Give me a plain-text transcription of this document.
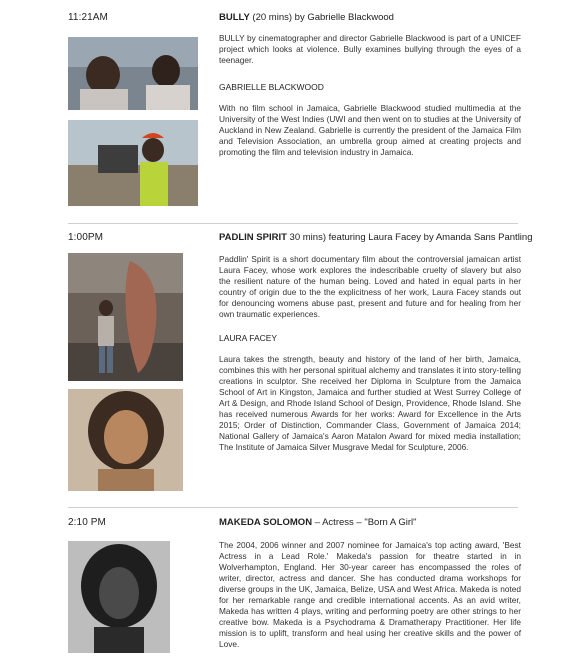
11:21AM	BULLY (20 mins) by Gabrielle Blackwood

BULLY by cinematographer and director Gabrielle Blackwood is part of a UNICEF project which looks at violence. Bully examines bullying through the eyes of a teenager.

GABRIELLE BLACKWOOD

With no film school in Jamaica, Gabrielle Blackwood studied multimedia at the University of the West Indies (UWI and then went on to studies at the University of Auckland in New Zealand. Gabrielle is currently the president of the Jamaica Film and Television Association, an umbrella group aimed at creating projects and promoting the film and television industry in Jamaica.

1:00PM	PADLIN SPIRIT 30 mins) featuring Laura Facey by Amanda Sans Pantling

Paddlin' Spirit is a short documentary film about the controversial jamaican artist Laura Facey, whose work explores the indescribable cruelty of slavery but also the resilient nature of the human being. Loved and hated in equal parts in her country of origin due to the the explicitness of her work, Laura Facey stands out for denouncing womens abuse past, present and future and for healing from her own traumatic experiences.

LAURA FACEY

Laura takes the strength, beauty and history of the land of her birth, Jamaica, combines this with her personal spiritual alchemy and translates it into story-telling creations in sculptor. She received her Diploma in Sculpture from the Jamaica School of Art in Kingston, Jamaica and further studied at West Surrey College of Art & Design, and Rhode Island School of Design, Providence, Rhode Island. She has received numerous Awards for her works: Award for Excellence in the Arts 2015; Order of Distinction, Commander Class, Government of Jamaica 2014; National Gallery of Jamaica's Aaron Matalon Award for mixed media installation; The Institute of Jamaica Silver Musgrave Medal for Sculpture, 2006.

2:10 PM	MAKEDA SOLOMON – Actress – "Born A Girl"

The 2004, 2006 winner and 2007 nominee for Jamaica's top acting award, 'Best Actress in a Lead Role.' Makeda's passion for theatre started in in Wolverhampton, England. Her 30-year career has encompassed the roles of writer, director, actress and dancer. She has conducted drama workshops for diverse groups in the UK, Jamaica, Belize, USA and West Africa. Makeda is noted for her remarkable range and credible international accents. As an avid writer, Makeda has written 4 plays, writing and performing poetry are other strings to her creative bow. Makeda is a Psychodrama & Dramatherapy Practitioner. Her life mission is to uplift, transform and heal using her creative skills and the power of Love.
